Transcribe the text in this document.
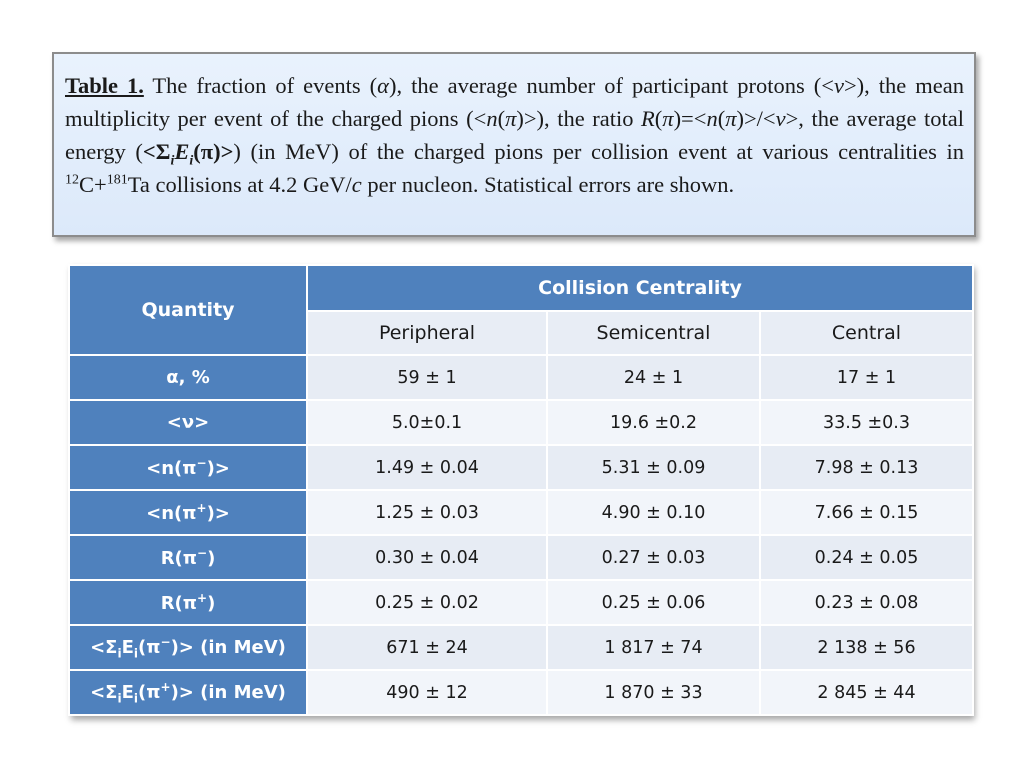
Table 1. The fraction of events (α), the average number of participant protons (<ν>), the mean multiplicity per event of the charged pions (<n(π)>), the ratio R(π)=<n(π)>/<ν>, the average total energy $(<\Sigma_iE_i(\pi)>)$ (in MeV) of the charged pions per collision event at various centralities in $^{12}$C+$^{181}$Ta collisions at 4.2 GeV/c per nucleon. Statistical errors are shown.
Quantity	Collision Centrality		
	Peripheral	Semicentral	Central
α, %	59 ± 1	24 ± 1	17 ± 1
<ν>	5.0±0.1	19.6 ±0.2	33.5 ±0.3
<n(π−)>	1.49 ± 0.04	5.31 ± 0.09	7.98 ± 0.13
<n(π+)>	1.25 ± 0.03	4.90 ± 0.10	7.66 ± 0.15
R(π−)	0.30 ± 0.04	0.27 ± 0.03	0.24 ± 0.05
R(π+)	0.25 ± 0.02	0.25 ± 0.06	0.23 ± 0.08
$<\Sigma_iE_i(\pi^-)> (in$ MeV)	671 ± 24	1 817 ± 74	2 138 ± 56
$<\Sigma_iE_i(\pi^+)> (in$ MeV)	490 ± 12	1 870 ± 33	2 845 ± 44
